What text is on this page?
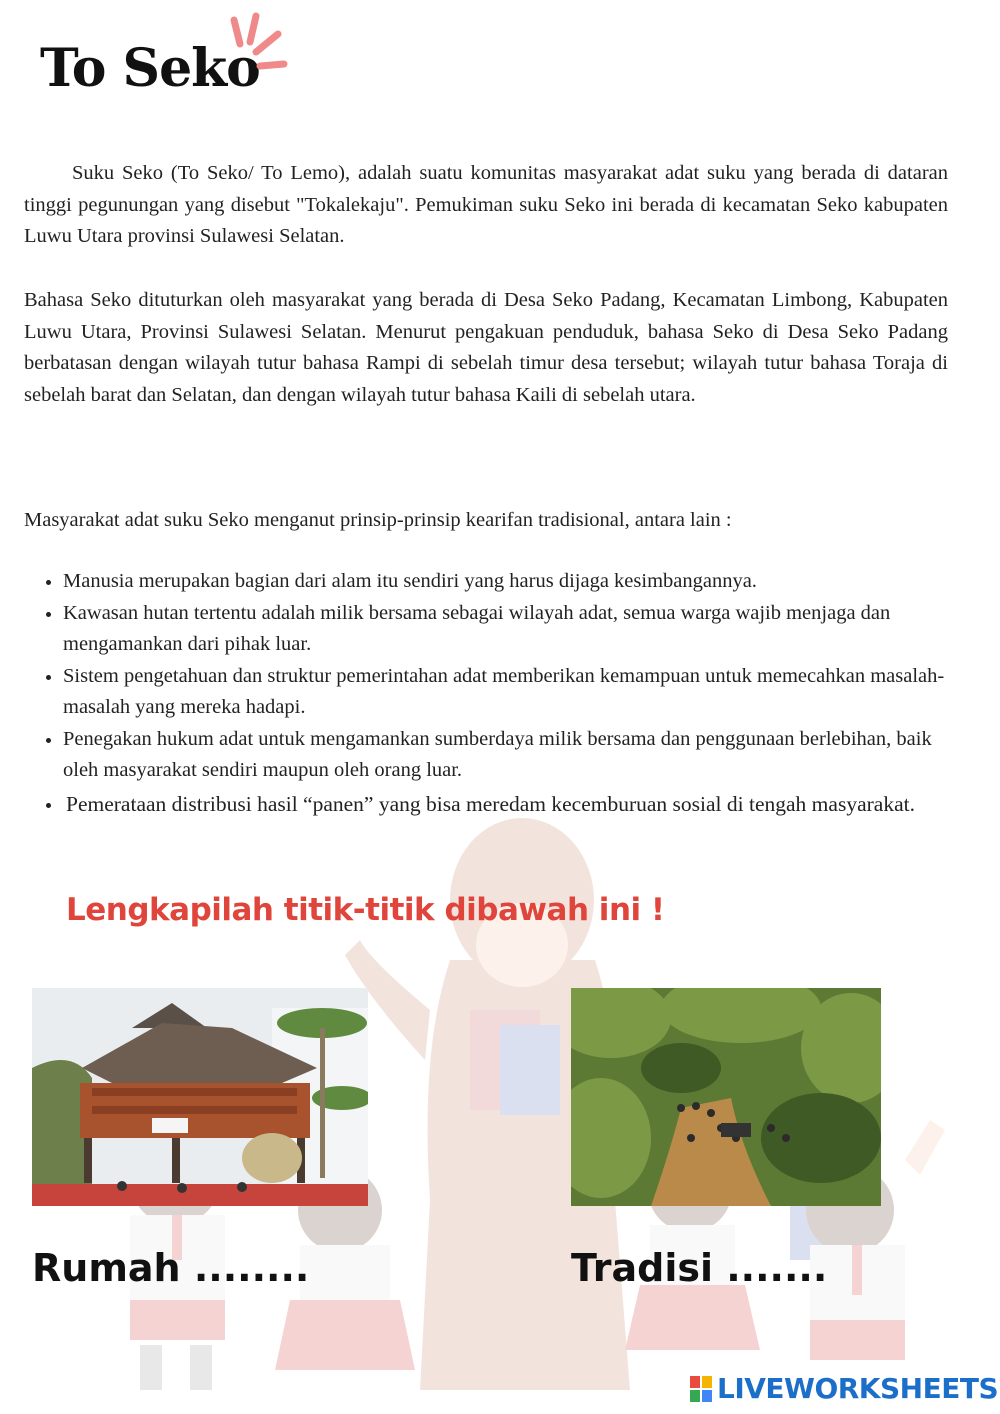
To Seko

Suku Seko (To Seko/ To Lemo), adalah suatu komunitas masyarakat adat suku yang berada di dataran tinggi pegunungan yang disebut "Tokalekaju". Pemukiman suku Seko ini berada di kecamatan Seko kabupaten Luwu Utara provinsi Sulawesi Selatan.

Bahasa Seko dituturkan oleh masyarakat yang berada di Desa Seko Padang, Kecamatan Limbong, Kabupaten Luwu Utara, Provinsi Sulawesi Selatan. Menurut pengakuan penduduk, bahasa Seko di Desa Seko Padang berbatasan dengan wilayah tutur bahasa Rampi di sebelah timur desa tersebut; wilayah tutur bahasa Toraja di sebelah barat dan Selatan, dan dengan wilayah tutur bahasa Kaili di sebelah utara.

Masyarakat adat suku Seko menganut prinsip-prinsip kearifan tradisional, antara lain :

Manusia merupakan bagian dari alam itu sendiri yang harus dijaga kesimbangannya.
Kawasan hutan tertentu adalah milik bersama sebagai wilayah adat, semua warga wajib menjaga dan mengamankan dari pihak luar.
Sistem pengetahuan dan struktur pemerintahan adat memberikan kemampuan untuk memecahkan masalah-masalah yang mereka hadapi.
Penegakan hukum adat untuk mengamankan sumberdaya milik bersama dan penggunaan berlebihan, baik oleh masyarakat sendiri maupun oleh orang luar.
Pemerataan distribusi hasil “panen” yang bisa meredam kecemburuan sosial di tengah masyarakat.
Lengkapilah titik-titik dibawah ini !
Rumah ........	Tradisi .......
LIVEWORKSHEETS
